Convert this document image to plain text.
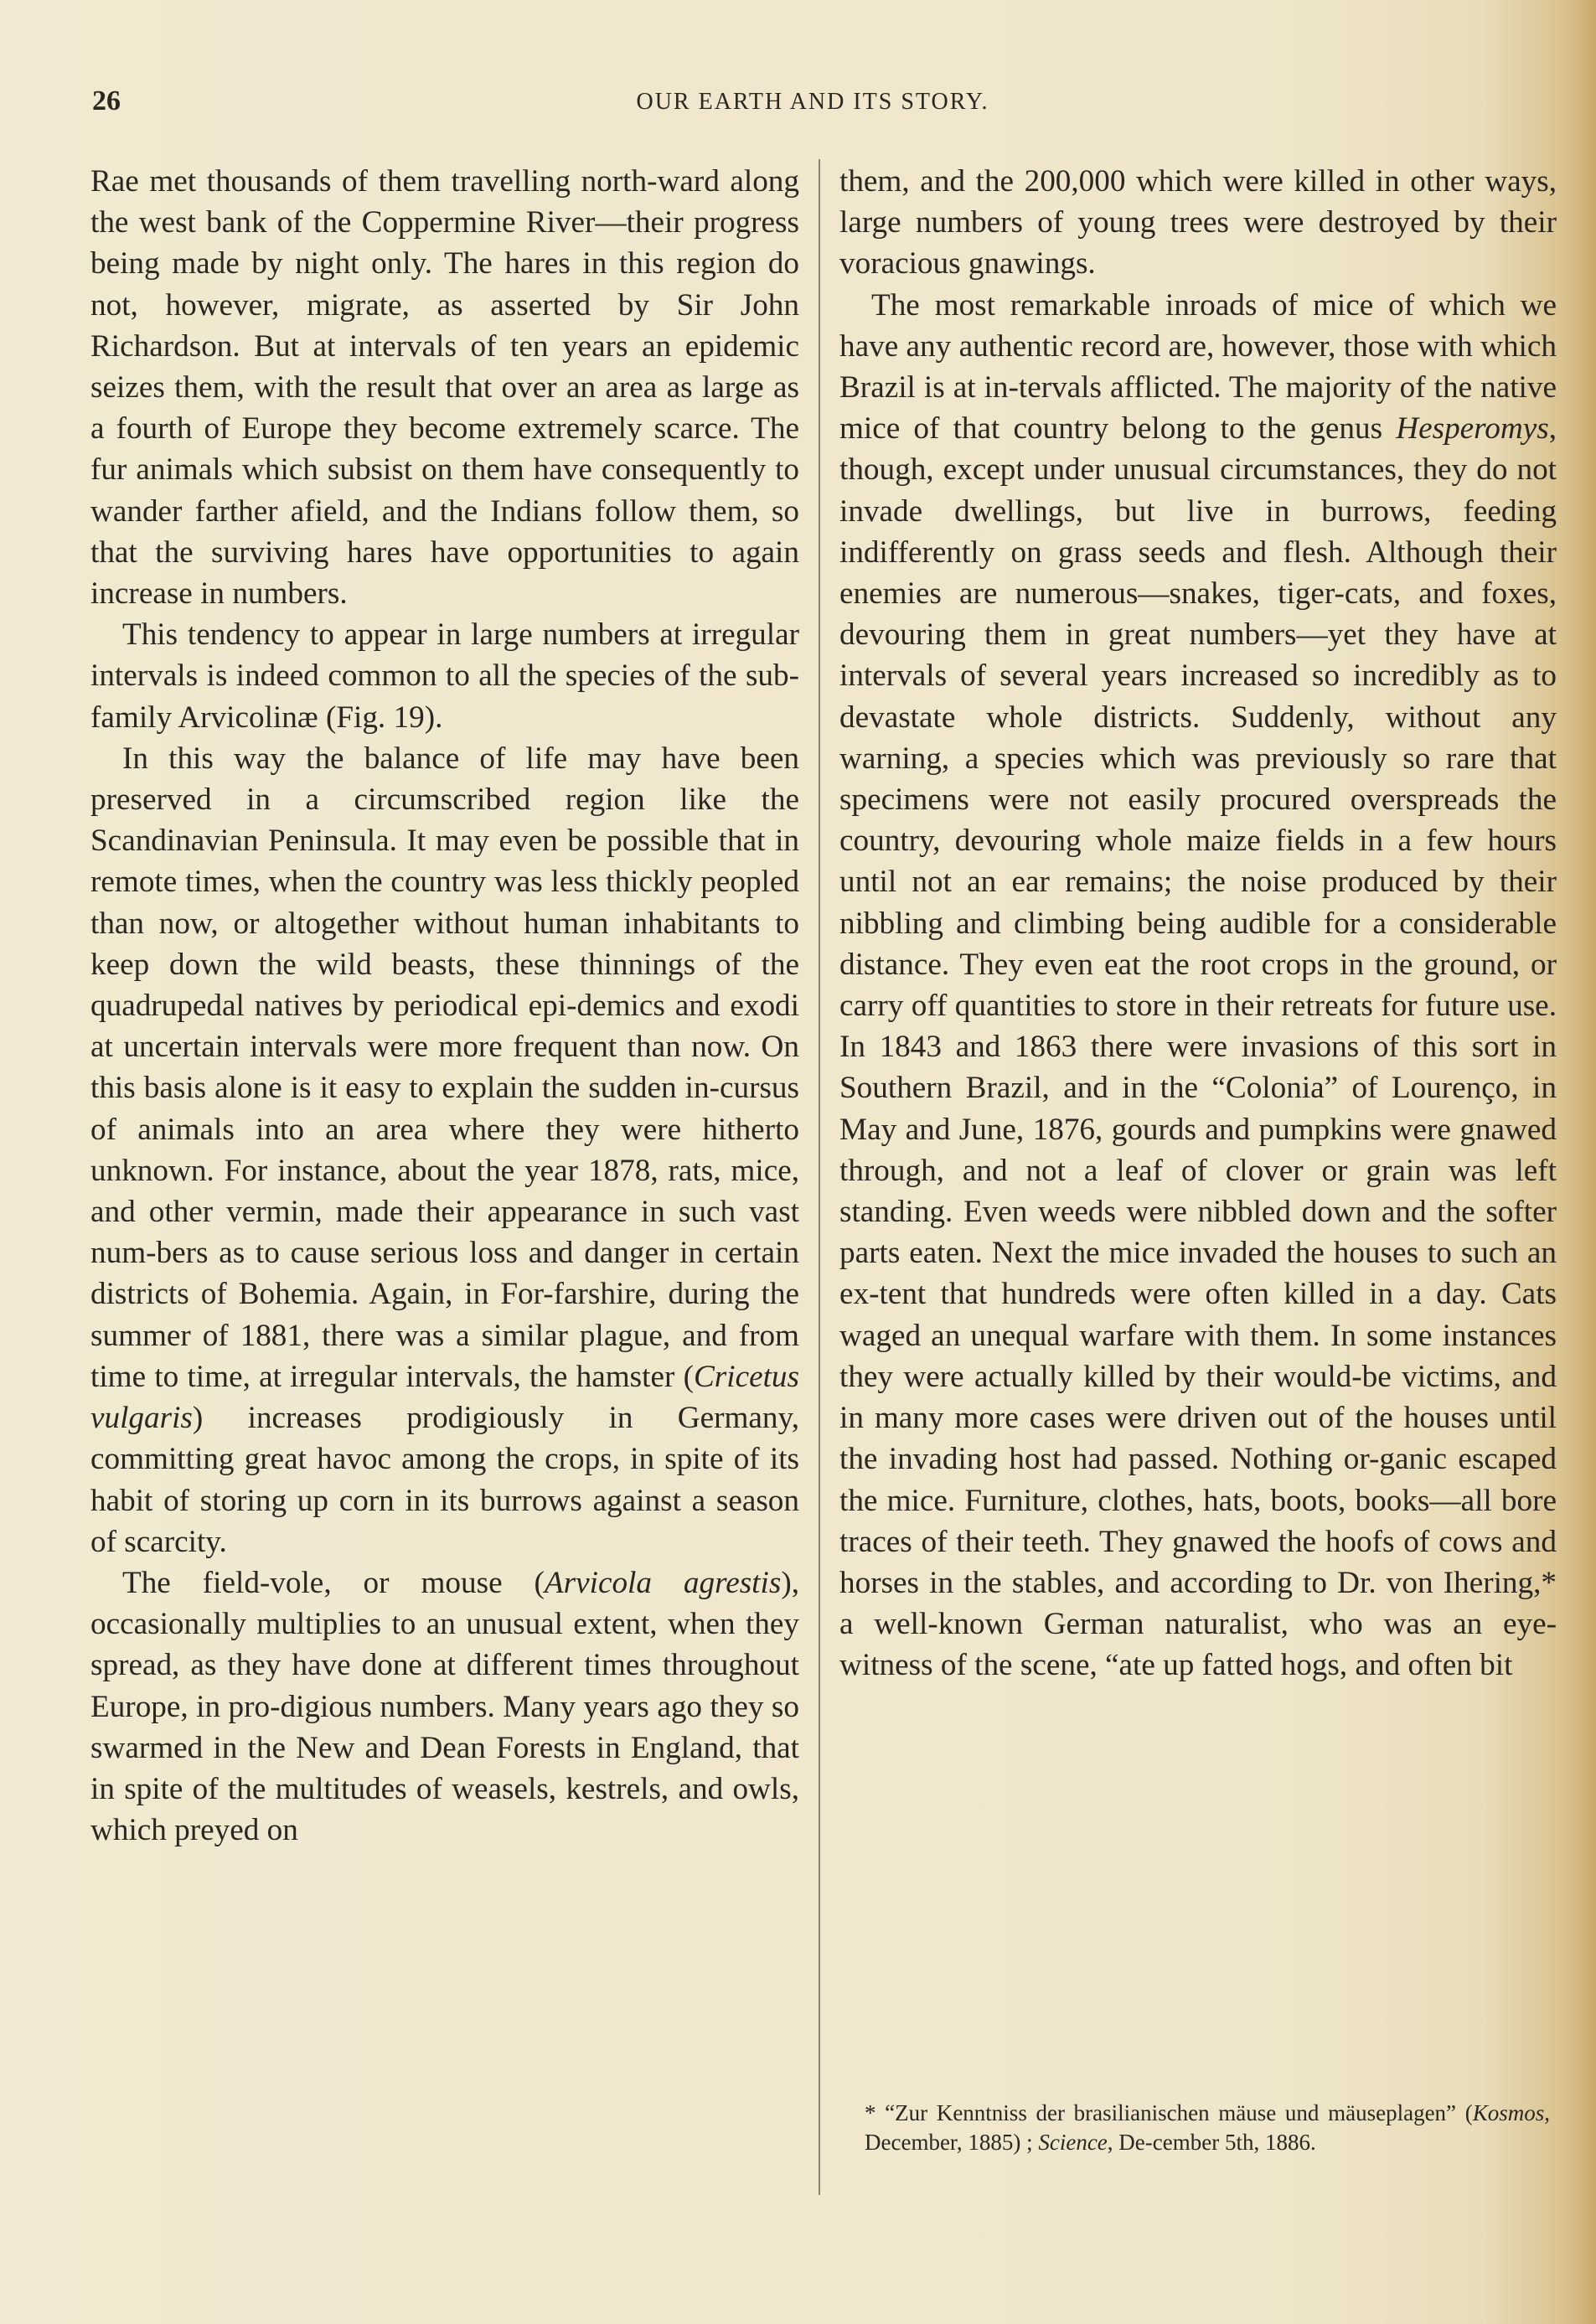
26	OUR EARTH AND ITS STORY.

Rae met thousands of them travelling north-ward along the west bank of the Coppermine River—their progress being made by night only. The hares in this region do not, however, migrate, as asserted by Sir John Richardson. But at intervals of ten years an epidemic seizes them, with the result that over an area as large as a fourth of Europe they become extremely scarce. The fur animals which subsist on them have consequently to wander farther afield, and the Indians follow them, so that the surviving hares have opportunities to again increase in numbers.

This tendency to appear in large numbers at irregular intervals is indeed common to all the species of the sub-family Arvicolinæ (Fig. 19).

In this way the balance of life may have been preserved in a circumscribed region like the Scandinavian Peninsula. It may even be possible that in remote times, when the country was less thickly peopled than now, or altogether without human inhabitants to keep down the wild beasts, these thinnings of the quadrupedal natives by periodical epi-demics and exodi at uncertain intervals were more frequent than now. On this basis alone is it easy to explain the sudden in-cursus of animals into an area where they were hitherto unknown. For instance, about the year 1878, rats, mice, and other vermin, made their appearance in such vast num-bers as to cause serious loss and danger in certain districts of Bohemia. Again, in For-farshire, during the summer of 1881, there was a similar plague, and from time to time, at irregular intervals, the hamster (Cricetus vulgaris) increases prodigiously in Germany, committing great havoc among the crops, in spite of its habit of storing up corn in its burrows against a season of scarcity.

The field-vole, or mouse (Arvicola agrestis), occasionally multiplies to an unusual extent, when they spread, as they have done at different times throughout Europe, in pro-digious numbers. Many years ago they so swarmed in the New and Dean Forests in England, that in spite of the multitudes of weasels, kestrels, and owls, which preyed on

them, and the 200,000 which were killed in other ways, large numbers of young trees were destroyed by their voracious gnawings.

The most remarkable inroads of mice of which we have any authentic record are, however, those with which Brazil is at in-tervals afflicted. The majority of the native mice of that country belong to the genus Hesperomys, though, except under unusual circumstances, they do not invade dwellings, but live in burrows, feeding indifferently on grass seeds and flesh. Although their enemies are numerous—snakes, tiger-cats, and foxes, devouring them in great numbers—yet they have at intervals of several years increased so incredibly as to devastate whole districts. Suddenly, without any warning, a species which was previously so rare that specimens were not easily procured overspreads the country, devouring whole maize fields in a few hours until not an ear remains; the noise produced by their nibbling and climbing being audible for a considerable distance. They even eat the root crops in the ground, or carry off quantities to store in their retreats for future use. In 1843 and 1863 there were invasions of this sort in Southern Brazil, and in the “Colonia” of Lourenço, in May and June, 1876, gourds and pumpkins were gnawed through, and not a leaf of clover or grain was left standing. Even weeds were nibbled down and the softer parts eaten. Next the mice invaded the houses to such an ex-tent that hundreds were often killed in a day. Cats waged an unequal warfare with them. In some instances they were actually killed by their would-be victims, and in many more cases were driven out of the houses until the invading host had passed. Nothing or-ganic escaped the mice. Furniture, clothes, hats, boots, books—all bore traces of their teeth. They gnawed the hoofs of cows and horses in the stables, and according to Dr. von Ihering,* a well-known German naturalist, who was an eye-witness of the scene, “ate up fatted hogs, and often bit

* “Zur Kenntniss der brasilianischen mäuse und mäuseplagen” (Kosmos, December, 1885) ; Science, De-cember 5th, 1886.
